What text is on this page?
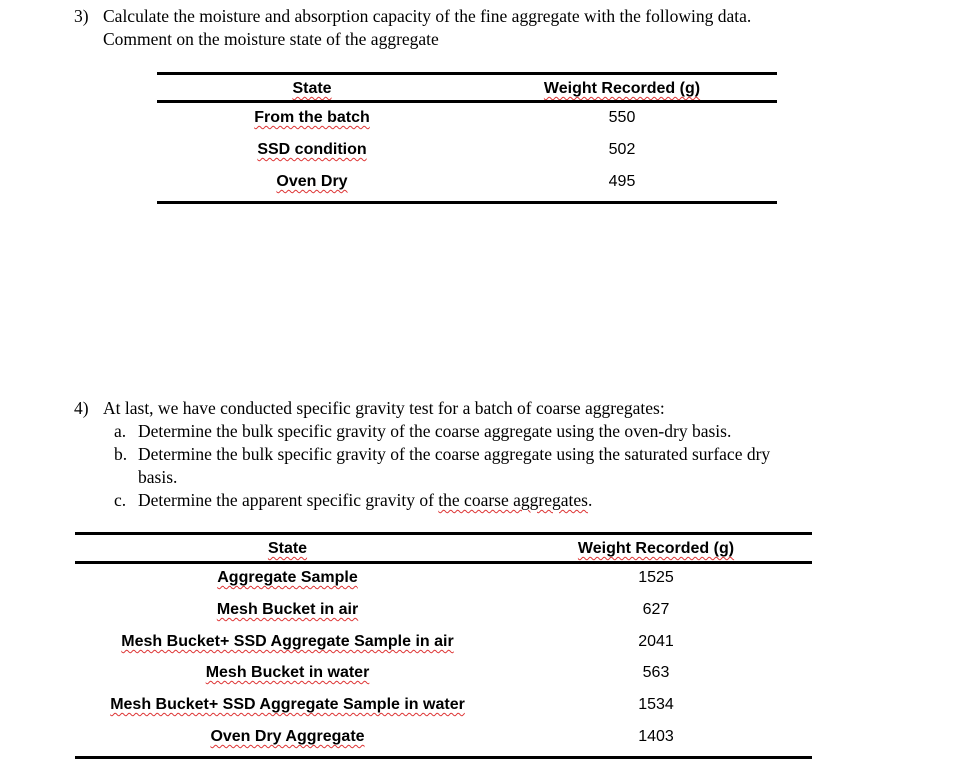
3) Calculate the moisture and absorption capacity of the fine aggregate with the following data.
Comment on the moisture state of the aggregate
State	Weight Recorded (g)
From the batch	550
SSD condition	502
Oven Dry	495
4) At last, we have conducted specific gravity test for a batch of coarse aggregates:
a. Determine the bulk specific gravity of the coarse aggregate using the oven-dry basis.
b. Determine the bulk specific gravity of the coarse aggregate using the saturated surface dry
basis.
c. Determine the apparent specific gravity of the coarse aggregates.
State	Weight Recorded (g)
Aggregate Sample	1525
Mesh Bucket in air	627
Mesh Bucket+ SSD Aggregate Sample in air	2041
Mesh Bucket in water	563
Mesh Bucket+ SSD Aggregate Sample in water	1534
Oven Dry Aggregate	1403
